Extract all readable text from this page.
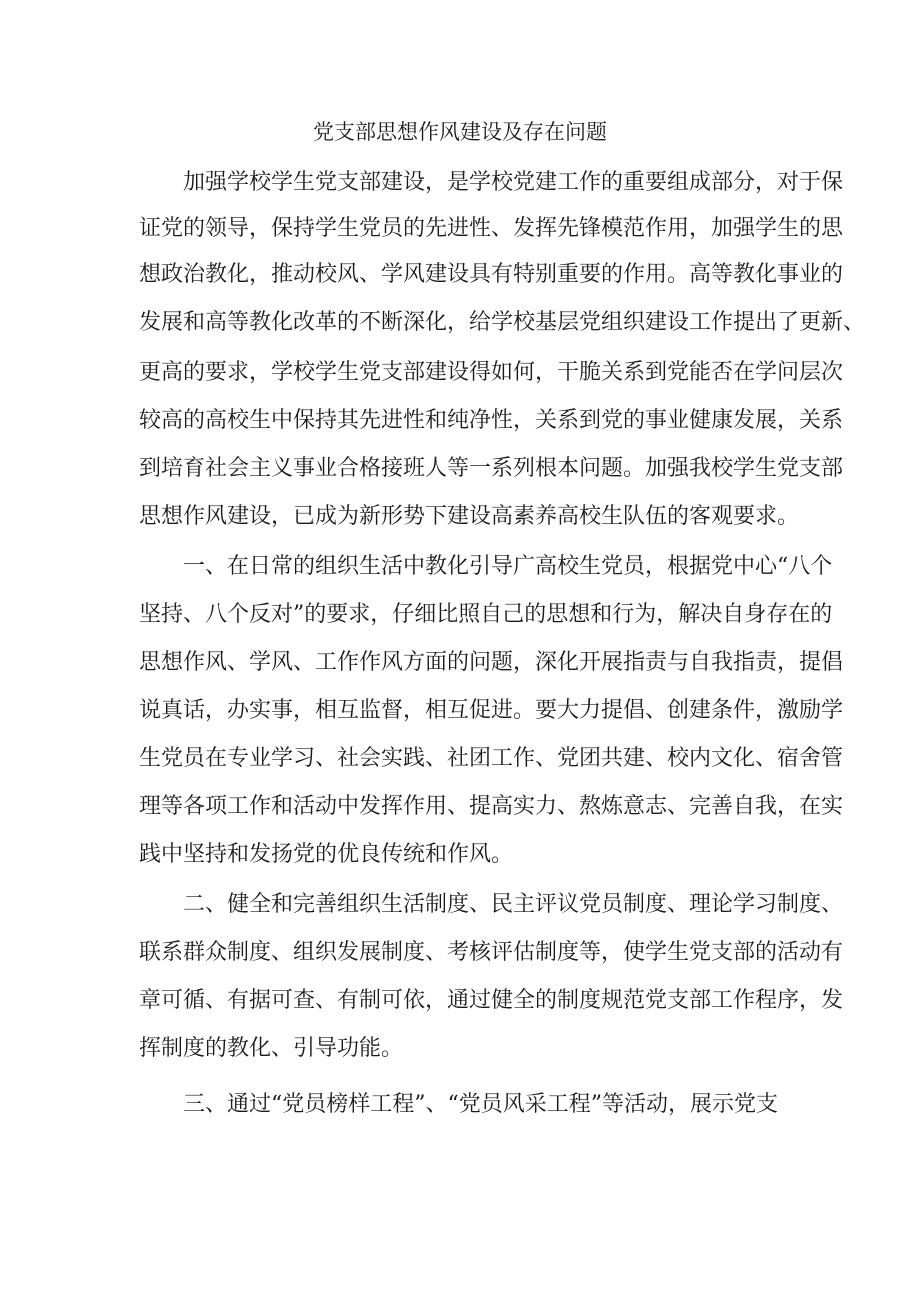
党支部思想作风建设及存在问题

加强学校学生党支部建设，是学校党建工作的重要组成部分，对于保

证党的领导，保持学生党员的先进性、发挥先锋模范作用，加强学生的思

想政治教化，推动校风、学风建设具有特别重要的作用。高等教化事业的

发展和高等教化改革的不断深化，给学校基层党组织建设工作提出了更新、

更高的要求，学校学生党支部建设得如何，干脆关系到党能否在学问层次

较高的高校生中保持其先进性和纯净性，关系到党的事业健康发展，关系

到培育社会主义事业合格接班人等一系列根本问题。加强我校学生党支部

思想作风建设，已成为新形势下建设高素养高校生队伍的客观要求。

一、在日常的组织生活中教化引导广高校生党员，根据党中心“八个

坚持、八个反对”的要求，仔细比照自己的思想和行为，解决自身存在的

思想作风、学风、工作作风方面的问题，深化开展指责与自我指责，提倡

说真话，办实事，相互监督，相互促进。要大力提倡、创建条件，激励学

生党员在专业学习、社会实践、社团工作、党团共建、校内文化、宿舍管

理等各项工作和活动中发挥作用、提高实力、熬炼意志、完善自我，在实

践中坚持和发扬党的优良传统和作风。

二、健全和完善组织生活制度、民主评议党员制度、理论学习制度、

联系群众制度、组织发展制度、考核评估制度等，使学生党支部的活动有

章可循、有据可查、有制可依，通过健全的制度规范党支部工作程序，发

挥制度的教化、引导功能。

三、通过“党员榜样工程”、“党员风采工程”等活动，展示党支
